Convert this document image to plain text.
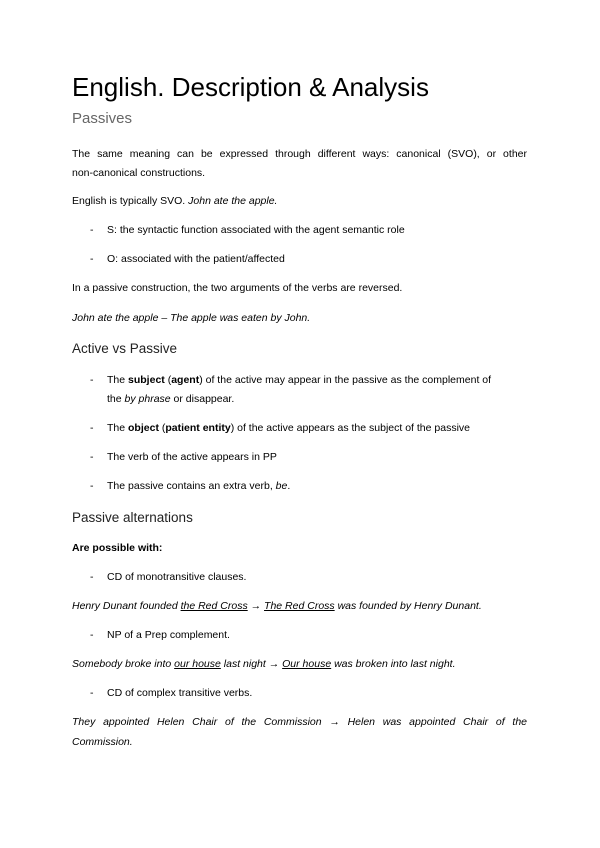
English. Description & Analysis
Passives

The same meaning can be expressed through different ways: canonical (SVO), or other

non-canonical constructions.

English is typically SVO. John ate the apple.

- S: the syntactic function associated with the agent semantic role
- O: associated with the patient/affected

In a passive construction, the two arguments of the verbs are reversed.

John ate the apple – The apple was eaten by John.

Active vs Passive
- The subject (agent) of the active may appear in the passive as the complement of
the by phrase or disappear.
- The object (patient entity) of the active appears as the subject of the passive
- The verb of the active appears in PP
- The passive contains an extra verb, be.
Passive alternations

Are possible with:

- CD of monotransitive clauses.

Henry Dunant founded the Red Cross → The Red Cross was founded by Henry Dunant.

- NP of a Prep complement.

Somebody broke into our house last night → Our house was broken into last night.

- CD of complex transitive verbs.

They appointed Helen Chair of the Commission → Helen was appointed Chair of the

Commission.
